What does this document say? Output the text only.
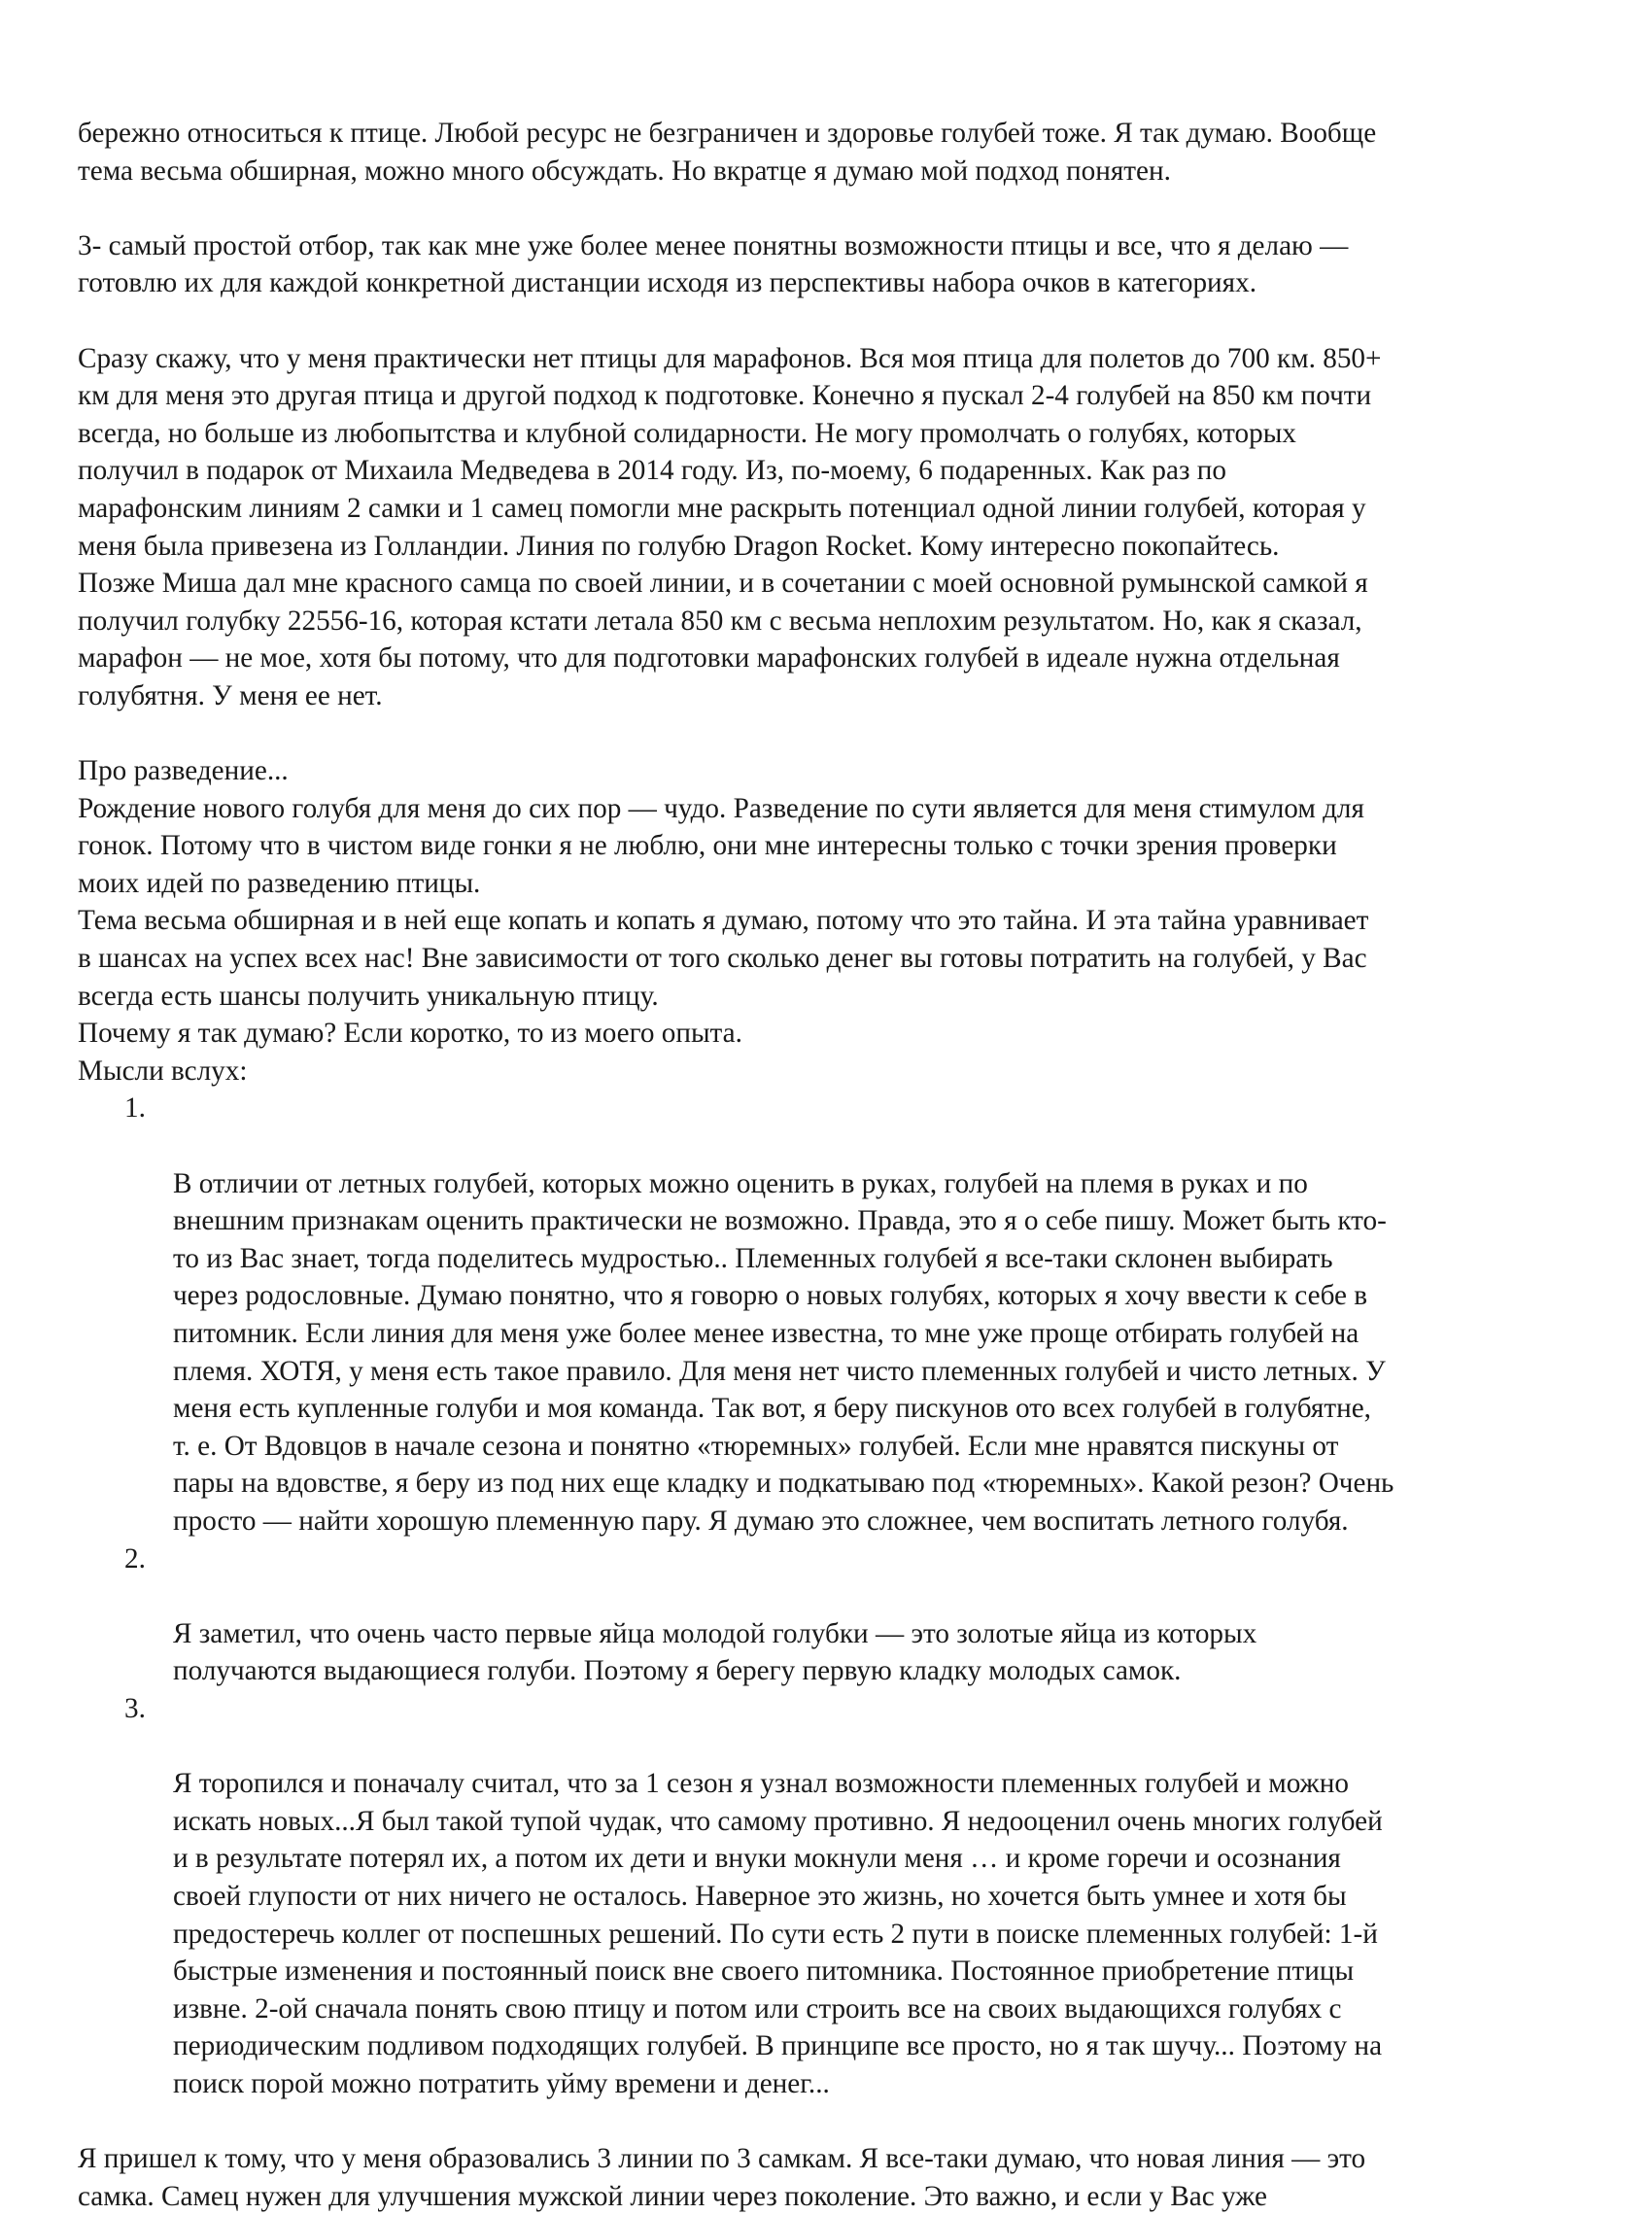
бережно относиться к птице. Любой ресурс не безграничен и здоровье голубей тоже. Я так думаю. Вообще
тема весьма обширная, можно много обсуждать. Но вкратце я думаю мой подход понятен.

3- самый простой отбор, так как мне уже более менее понятны возможности птицы и все, что я делаю —
готовлю их для каждой конкретной дистанции исходя из перспективы набора очков в категориях.

Сразу скажу, что у меня практически нет птицы для марафонов. Вся моя птица для полетов до 700 км. 850+
км для меня это другая птица и другой подход к подготовке. Конечно я пускал 2-4 голубей на 850 км почти
всегда, но больше из любопытства и клубной солидарности. Не могу промолчать о голубях, которых
получил в подарок от Михаила Медведева в 2014 году. Из, по-моему, 6 подаренных. Как раз по
марафонским линиям 2 самки и 1 самец помогли мне раскрыть потенциал одной линии голубей, которая у
меня была привезена из Голландии. Линия по голубю Dragon Rocket. Кому интересно покопайтесь.
Позже Миша дал мне красного самца по своей линии, и в сочетании с моей основной румынской самкой я
получил голубку 22556-16, которая кстати летала 850 км с весьма неплохим результатом. Но, как я сказал,
марафон — не мое, хотя бы потому, что для подготовки марафонских голубей в идеале нужна отдельная
голубятня. У меня ее нет.

Про разведение...

Рождение нового голубя для меня до сих пор — чудо. Разведение по сути является для меня стимулом для
гонок. Потому что в чистом виде гонки я не люблю, они мне интересны только с точки зрения проверки
моих идей по разведению птицы.

Тема весьма обширная и в ней еще копать и копать я думаю, потому что это тайна. И эта тайна уравнивает
в шансах на успех всех нас! Вне зависимости от того сколько денег вы готовы потратить на голубей, у Вас
всегда есть шансы получить уникальную птицу.

Почему я так думаю? Если коротко, то из моего опыта.

Мысли вслух:

1.

В отличии от летных голубей, которых можно оценить в руках, голубей на племя в руках и по
внешним признакам оценить практически не возможно. Правда, это я о себе пишу. Может быть кто-
то из Вас знает, тогда поделитесь мудростью.. Племенных голубей я все-таки склонен выбирать
через родословные. Думаю понятно, что я говорю о новых голубях, которых я хочу ввести к себе в
питомник. Если линия для меня уже более менее известна, то мне уже проще отбирать голубей на
племя. ХОТЯ, у меня есть такое правило. Для меня нет чисто племенных голубей и чисто летных. У
меня есть купленные голуби и моя команда. Так вот, я беру пискунов ото всех голубей в голубятне,
т. е. От Вдовцов в начале сезона и понятно «тюремных» голубей. Если мне нравятся пискуны от
пары на вдовстве, я беру из под них еще кладку и подкатываю под «тюремных». Какой резон? Очень
просто — найти хорошую племенную пару. Я думаю это сложнее, чем воспитать летного голубя.

2.

Я заметил, что очень часто первые яйца молодой голубки — это золотые яйца из которых
получаются выдающиеся голуби. Поэтому я берегу первую кладку молодых самок.

3.

Я торопился и поначалу считал, что за 1 сезон я узнал возможности племенных голубей и можно
искать новых...Я был такой тупой чудак, что самому противно. Я недооценил очень многих голубей
и в результате потерял их, а потом их дети и внуки мокнули меня … и кроме горечи и осознания
своей глупости от них ничего не осталось. Наверное это жизнь, но хочется быть умнее и хотя бы
предостеречь коллег от поспешных решений. По сути есть 2 пути в поиске племенных голубей: 1-й
быстрые изменения и постоянный поиск вне своего питомника. Постоянное приобретение птицы
извне. 2-ой сначала понять свою птицу и потом или строить все на своих выдающихся голубях с
периодическим подливом подходящих голубей. В принципе все просто, но я так шучу... Поэтому на
поиск порой можно потратить уйму времени и денег...

Я пришел к тому, что у меня образовались 3 линии по 3 самкам. Я все-таки думаю, что новая линия — это
самка. Самец нужен для улучшения мужской линии через поколение. Это важно, и если у Вас уже
